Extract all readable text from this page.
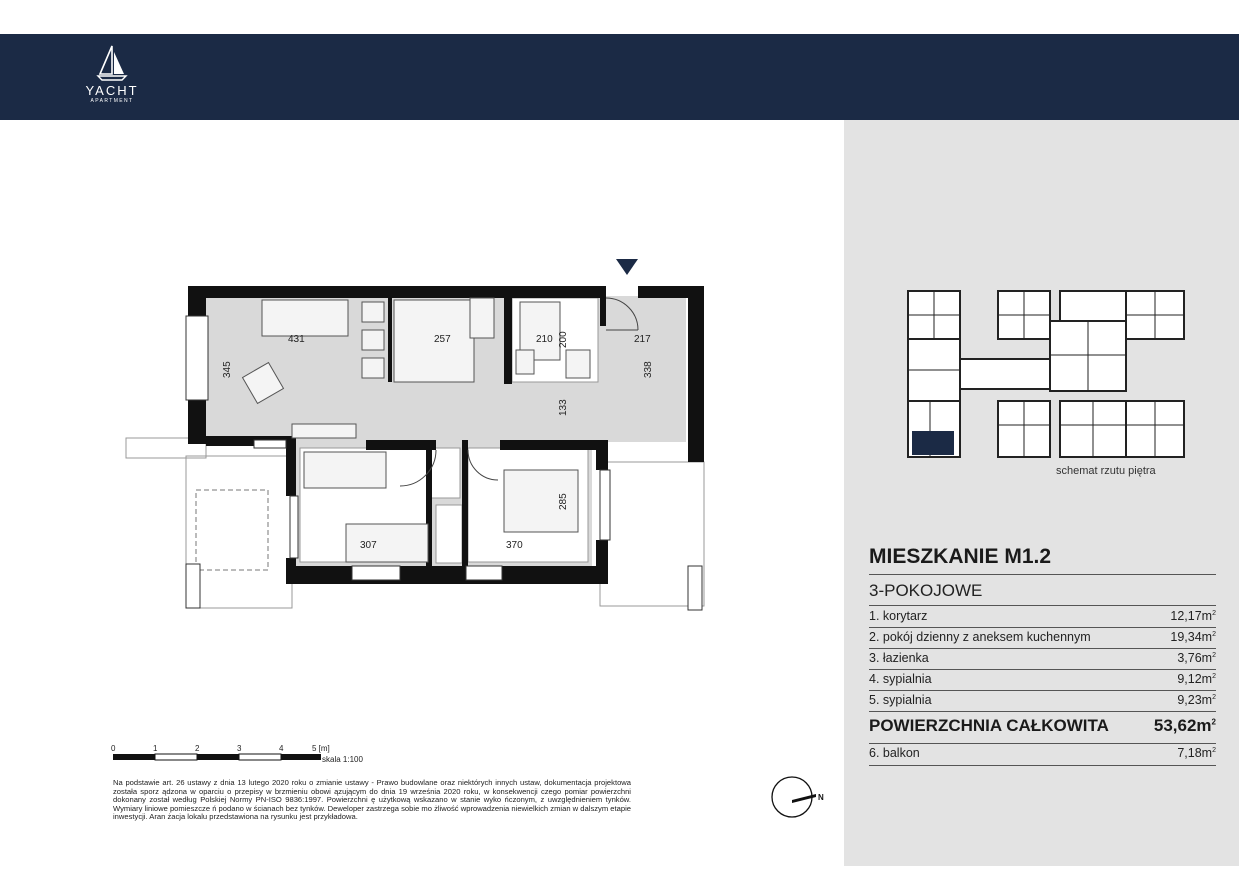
YACHT
APARTMENT
schemat rzutu piętra
MIESZKANIE M1.2
3-POKOJOWE
1. korytarz	$12,17m^2$
2. pokój dzienny z aneksem kuchennym	$19,34m^2$
3. łazienka	$3,76m^2$
4. sypialnia	$9,12m^2$
5. sypialnia	$9,23m^2$
POWIERZCHNIA CAŁKOWITA	$53,62m^2$
6. balkon	$7,18m^2$
431	257	210 200	217
345	338
133
307	370
285
N
0	1	2	3	4	5 [m]
skala 1:100
Na podstawie art. 26 ustawy z dnia 13 lutego 2020 roku o zmianie ustawy - Prawo budowlane oraz niektórych innych ustaw, dokumentacja projektowa została sporz ądzona w oparciu o przepisy w brzmieniu obowi ązującym do dnia 19 września 2020 roku, w konsekwencji czego pomiar powierzchni dokonany został według Polskiej Normy PN-ISO 9836:1997. Powierzchni ę użytkową wskazano w stanie wyko ńczonym, z uwzględnieniem tynków. Wymiary liniowe pomieszcze ń podano w ścianach bez tynków. Deweloper zastrzega sobie mo żliwość wprowadzenia niewielkich zmian w dalszym etapie inwestycji. Aran żacja lokalu przedstawiona na rysunku jest przykładowa.
